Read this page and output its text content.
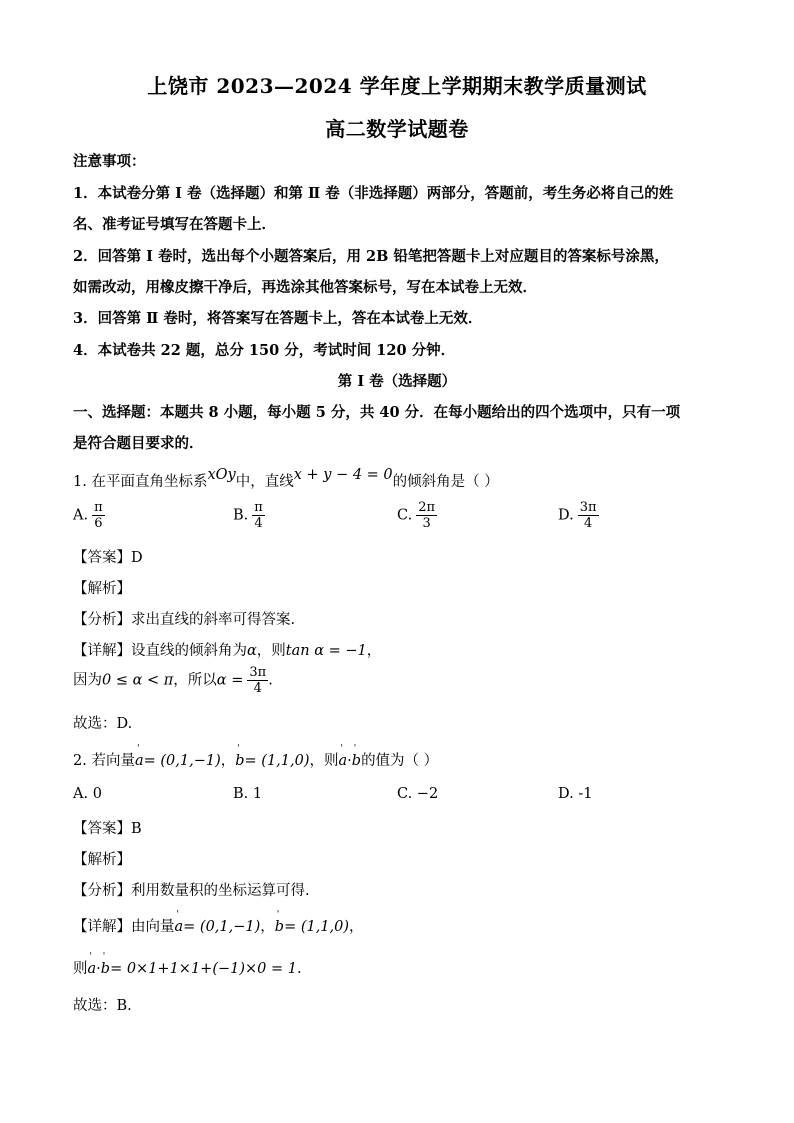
上饶市 2023—2024 学年度上学期期末教学质量测试
高二数学试题卷
注意事项：
1．本试卷分第 Ⅰ 卷（选择题）和第 Ⅱ 卷（非选择题）两部分，答题前，考生务必将自己的姓
名、准考证号填写在答题卡上．
2．回答第 Ⅰ 卷时，选出每个小题答案后，用 2B 铅笔把答题卡上对应题目的答案标号涂黑，
如需改动，用橡皮擦干净后，再选涂其他答案标号，写在本试卷上无效．
3．回答第 Ⅱ 卷时，将答案写在答题卡上，答在本试卷上无效．
4．本试卷共 22 题，总分 150 分，考试时间 120 分钟．
第 Ⅰ 卷（选择题）
一、选择题：本题共 8 小题，每小题 5 分，共 40 分．在每小题给出的四个选项中，只有一项
是符合题目要求的．
1. 在平面直角坐标系xOy中，直线x + y − 4 = 0的倾斜角是（ ）
A. $\frac{\pi}{6}$	B. $\frac{\pi}{4}$	C. $\frac{2\pi}{3}$	D. $\frac{3\pi}{4}$
【答案】D
【解析】
【分析】求出直线的斜率可得答案.
【详解】设直线的倾斜角为α，则tan α = −1，
因为0 ≤ α < π，所以$\alpha = \frac{3\pi}{4}$ .
故选：D.
2. 若向量' a= (0,1,−1)，' b= (1,1,0)，则' a·' b的值为（ ）
A. 0	B. 1	C. −2	D. -1
【答案】B
【解析】
【分析】利用数量积的坐标运算可得.
【详解】由向量' a= (0,1,−1)，' b= (1,1,0)，
则' a·' b= 0×1+1×1+(−1)×0 = 1.
故选：B.
